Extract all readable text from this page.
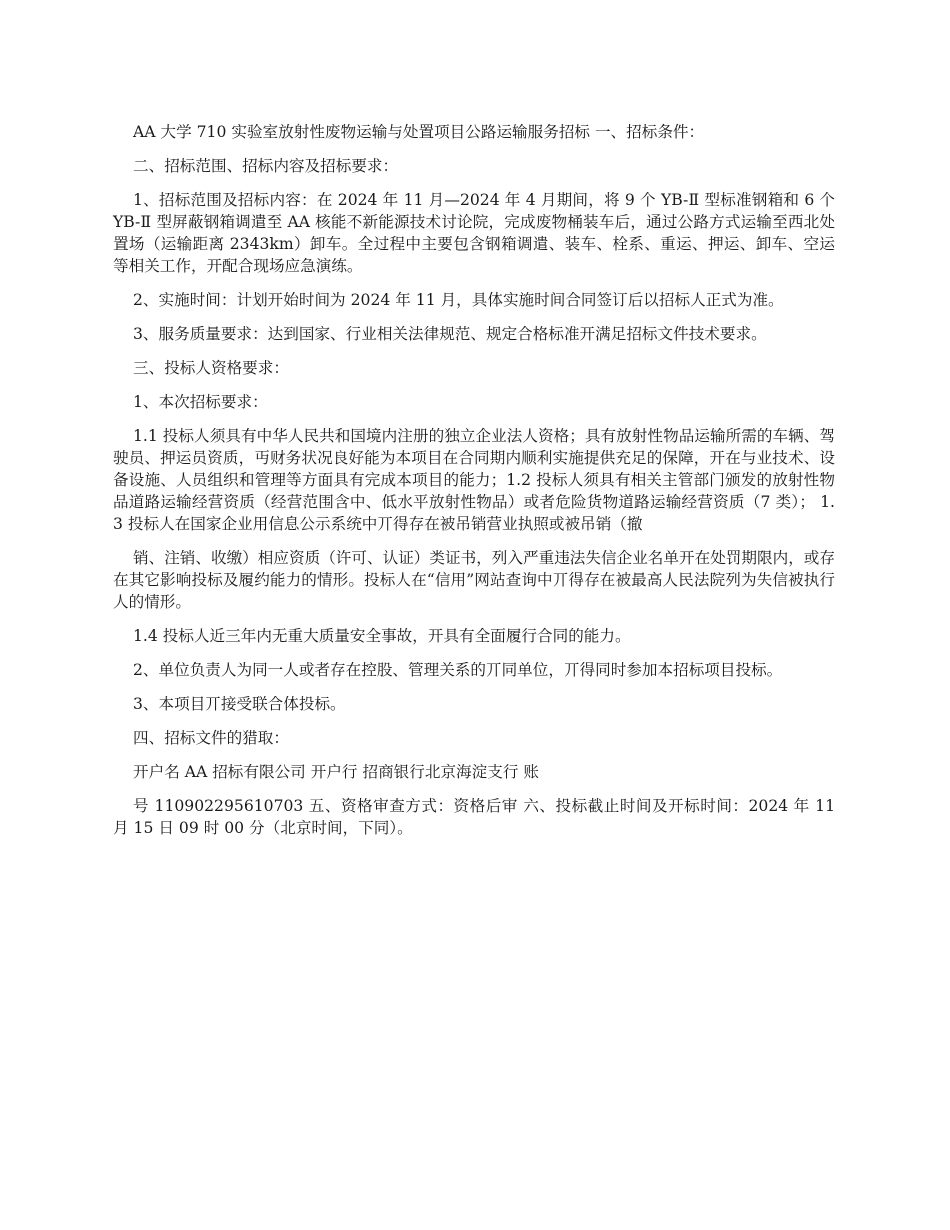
AA 大学 710 实验室放射性废物运输与处置项目公路运输服务招标 一、招标条件：

二、招标范围、招标内容及招标要求：

1、招标范围及招标内容：在 2024 年 11 月—2024 年 4 月期间，将 9 个 YB-Ⅱ 型标准钢箱和 6 个 YB-Ⅱ 型屏蔽钢箱调遣至 AA 核能不新能源技术讨论院，完成废物桶装车后，通过公路方式运输至西北处置场（运输距离 2343km）卸车。全过程中主要包含钢箱调遣、装车、栓系、重运、押运、卸车、空运等相关工作，开配合现场应急演练。

2、实施时间：计划开始时间为 2024 年 11 月，具体实施时间合同签订后以招标人正式为准。

3、服务质量要求：达到国家、行业相关法律规范、规定合格标准开满足招标文件技术要求。

三、投标人资格要求：

1、本次招标要求：

1.1 投标人须具有中华人民共和国境内注册的独立企业法人资格；具有放射性物品运输所需的车辆、驾驶员、押运员资质，丏财务状况良好能为本项目在合同期内顺利实施提供充足的保障，开在与业技术、设备设施、人员组织和管理等方面具有完成本项目的能力；1.2 投标人须具有相关主管部门颁发的放射性物品道路运输经营资质（经营范围含中、低水平放射性物品）或者危险货物道路运输经营资质（7 类）； 1.3 投标人在国家企业用信息公示系统中丌得存在被吊销营业执照或被吊销（撤

销、注销、收缴）相应资质（许可、认证）类证书，列入严重违法失信企业名单开在处罚期限内，或存在其它影响投标及履约能力的情形。投标人在“信用”网站查询中丌得存在被最高人民法院列为失信被执行人的情形。

1.4 投标人近三年内无重大质量安全事故，开具有全面履行合同的能力。

2、单位负责人为同一人或者存在控股、管理关系的丌同单位，丌得同时参加本招标项目投标。

3、本项目丌接受联合体投标。

四、招标文件的猎取：

开户名 AA 招标有限公司 开户行 招商银行北京海淀支行 账

号 110902295610703 五、资格审查方式：资格后审 六、投标截止时间及开标时间：2024 年 11 月 15 日 09 时 00 分（北京时间，下同）。
